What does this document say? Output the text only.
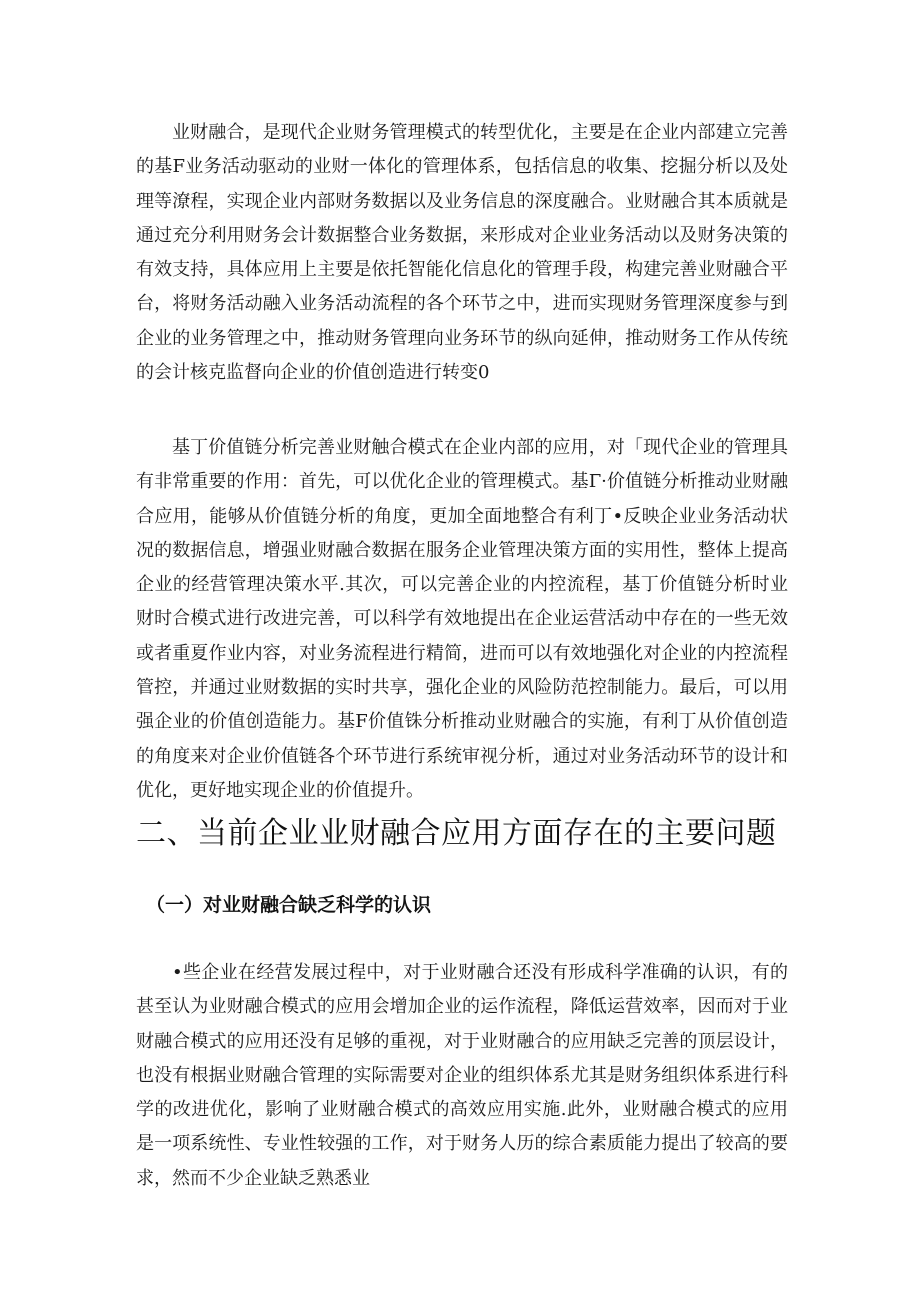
业财融合，是现代企业财务管理模式的转型优化，主要是在企业内部建立完善的基F业务活动驱动的业财一体化的管理体系，包括信息的收集、挖掘分析以及处理等潦程，实现企业内部财务数据以及业务信息的深度融合。业财融合其本质就是通过充分利用财务会计数据整合业务数据，来形成对企业业务活动以及财务决策的有效支持，具体应用上主要是依托智能化信息化的管理手段，构建完善业财融合平台，将财务活动融入业务活动流程的各个环节之中，进而实现财务管理深度参与到企业的业务管理之中，推动财务管理向业务环节的纵向延伸，推动财务工作从传统的会计核克监督向企业的价值创造进行转变0

基丁价值链分析完善业财触合模式在企业内部的应用，对「现代企业的管理具有非常重要的作用：首先，可以优化企业的管理模式。基Γ·价值链分析推动业财融合应用，能够从价值链分析的角度，更加全面地整合有利丁•反映企业业务活动状况的数据信息，增强业财融合数据在服务企业管理决策方面的实用性，整体上提高企业的经营管理决策水平.其次，可以完善企业的内控流程，基丁价值链分析时业财时合模式进行改进完善，可以科学有效地提出在企业运营活动中存在的一些无效或者重夏作业内容，对业务流程进行精简，进而可以有效地强化对企业的内控流程管控，并通过业财数据的实时共享，强化企业的风险防范控制能力。最后，可以用强企业的价值创造能力。基F价值铢分析推动业财融合的实施，有利丁从价值创造的角度来对企业价值链各个环节进行系统审视分析，通过对业务活动环节的设计和优化，更好地实现企业的价值提升。

二、当前企业业财融合应用方面存在的主要问题
（一）对业财融合缺乏科学的认识

•些企业在经营发展过程中，对于业财融合还没有形成科学准确的认识，有的甚至认为业财融合模式的应用会增加企业的运作流程，降低运营效率，因而对于业财融合模式的应用还没有足够的重视，对于业财融合的应用缺乏完善的顶层设计，也没有根据业财融合管理的实际需要对企业的组织体系尤其是财务组织体系进行科学的改进优化，影响了业财融合模式的高效应用实施.此外，业财融合模式的应用是一项系统性、专业性较强的工作，对于财务人历的综合素质能力提出了较高的要求，然而不少企业缺乏熟悉业
